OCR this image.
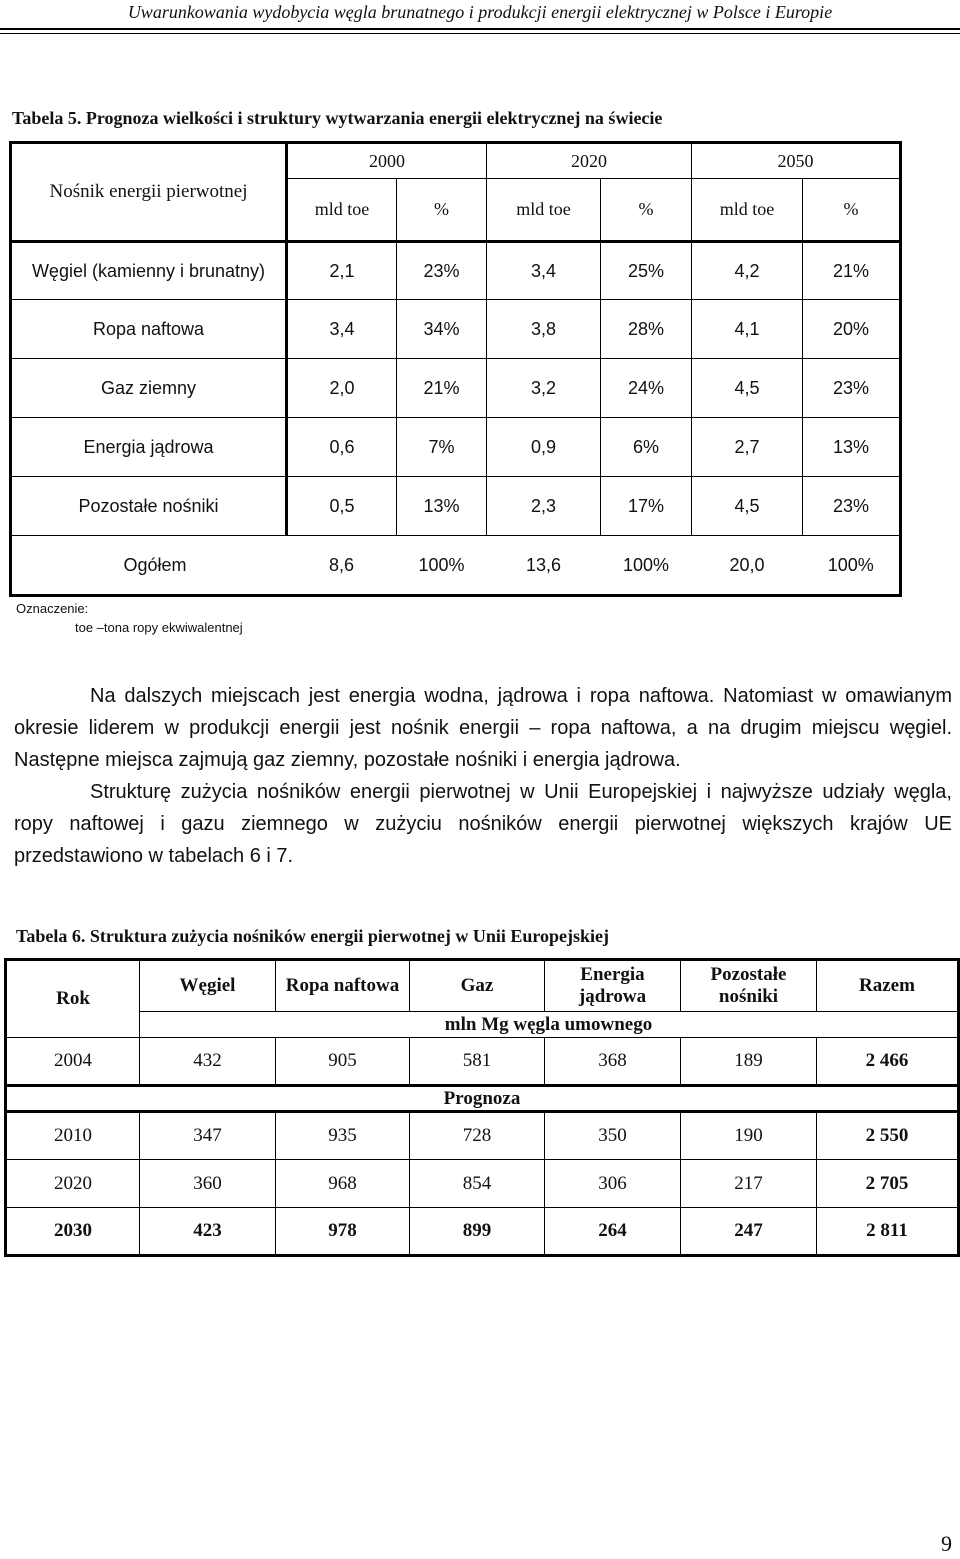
Uwarunkowania wydobycia węgla brunatnego i produkcji energii elektrycznej w Polsce i Europie
Tabela 5. Prognoza wielkości i struktury wytwarzania energii elektrycznej na świecie
Nośnik energii pierwotnej	2000		2020		2050	
	mld toe	%	mld toe	%	mld toe	%
Węgiel (kamienny i brunatny)	2,1	23%	3,4	25%	4,2	21%
Ropa naftowa	3,4	34%	3,8	28%	4,1	20%
Gaz ziemny	2,0	21%	3,2	24%	4,5	23%
Energia jądrowa	0,6	7%	0,9	6%	2,7	13%
Pozostałe nośniki	0,5	13%	2,3	17%	4,5	23%
Ogółem	8,6	100%	13,6	100%	20,0	100%
Oznaczenie:
toe –tona ropy ekwiwalentnej

Na dalszych miejscach jest energia wodna, jądrowa i ropa naftowa. Natomiast w omawianym okresie liderem w produkcji energii jest nośnik energii – ropa naftowa, a na drugim miejscu węgiel. Następne miejsca zajmują gaz ziemny, pozostałe nośniki i energia jądrowa.

Strukturę zużycia nośników energii pierwotnej w Unii Europejskiej i najwyższe udziały węgla, ropy naftowej i gazu ziemnego w zużyciu nośników energii pierwotnej większych krajów UE przedstawiono w tabelach 6 i 7.

Tabela 6. Struktura zużycia nośników energii pierwotnej w Unii Europejskiej
Rok	Węgiel	Ropa naftowa	Gaz	Energia jądrowa	Pozostałe nośniki	Razem
	mln Mg węgla umownego					
2004	432	905	581	368	189	2 466
Prognoza						
2010	347	935	728	350	190	2 550
2020	360	968	854	306	217	2 705
2030	423	978	899	264	247	2 811
9
